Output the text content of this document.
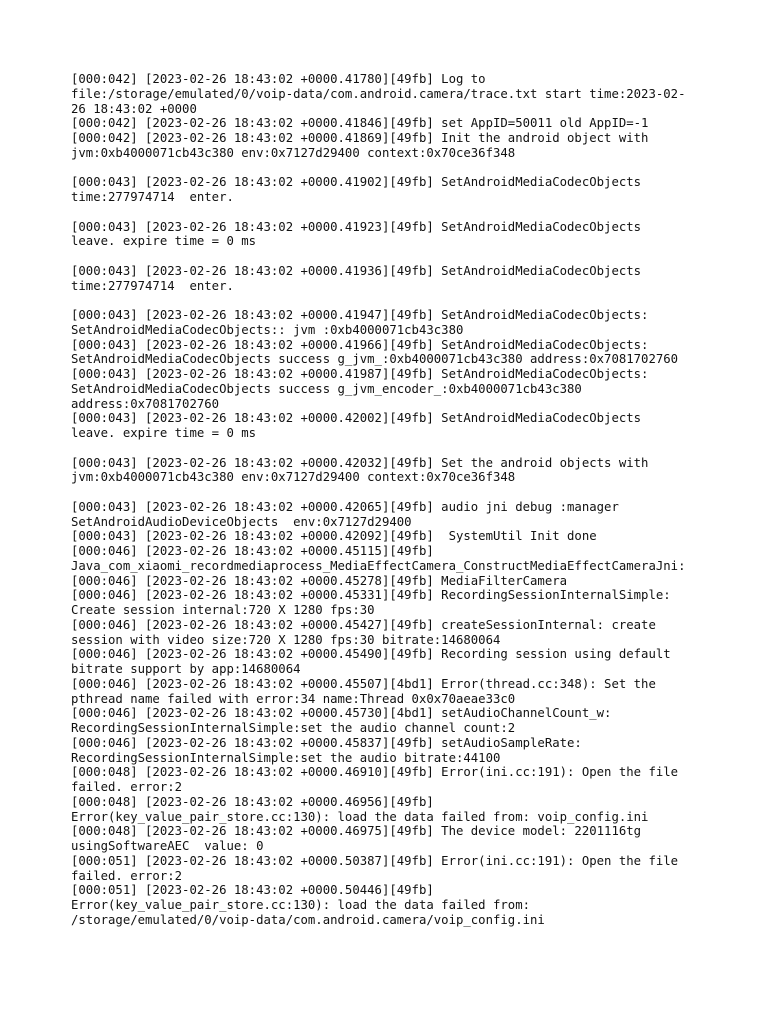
[000:042] [2023-02-26 18:43:02 +0000.41780][49fb] Log to
file:/storage/emulated/0/voip-data/com.android.camera/trace.txt start time:2023-02-
26 18:43:02 +0000
[000:042] [2023-02-26 18:43:02 +0000.41846][49fb] set AppID=50011 old AppID=-1
[000:042] [2023-02-26 18:43:02 +0000.41869][49fb] Init the android object with
jvm:0xb4000071cb43c380 env:0x7127d29400 context:0x70ce36f348
[000:043] [2023-02-26 18:43:02 +0000.41902][49fb] SetAndroidMediaCodecObjects
time:277974714  enter.
[000:043] [2023-02-26 18:43:02 +0000.41923][49fb] SetAndroidMediaCodecObjects
leave. expire time = 0 ms
[000:043] [2023-02-26 18:43:02 +0000.41936][49fb] SetAndroidMediaCodecObjects
time:277974714  enter.
[000:043] [2023-02-26 18:43:02 +0000.41947][49fb] SetAndroidMediaCodecObjects:
SetAndroidMediaCodecObjects:: jvm :0xb4000071cb43c380
[000:043] [2023-02-26 18:43:02 +0000.41966][49fb] SetAndroidMediaCodecObjects:
SetAndroidMediaCodecObjects success g_jvm_:0xb4000071cb43c380 address:0x7081702760
[000:043] [2023-02-26 18:43:02 +0000.41987][49fb] SetAndroidMediaCodecObjects:
SetAndroidMediaCodecObjects success g_jvm_encoder_:0xb4000071cb43c380
address:0x7081702760
[000:043] [2023-02-26 18:43:02 +0000.42002][49fb] SetAndroidMediaCodecObjects
leave. expire time = 0 ms
[000:043] [2023-02-26 18:43:02 +0000.42032][49fb] Set the android objects with
jvm:0xb4000071cb43c380 env:0x7127d29400 context:0x70ce36f348
[000:043] [2023-02-26 18:43:02 +0000.42065][49fb] audio jni debug :manager
SetAndroidAudioDeviceObjects  env:0x7127d29400
[000:043] [2023-02-26 18:43:02 +0000.42092][49fb]  SystemUtil Init done
[000:046] [2023-02-26 18:43:02 +0000.45115][49fb]
Java_com_xiaomi_recordmediaprocess_MediaEffectCamera_ConstructMediaEffectCameraJni:
[000:046] [2023-02-26 18:43:02 +0000.45278][49fb] MediaFilterCamera
[000:046] [2023-02-26 18:43:02 +0000.45331][49fb] RecordingSessionInternalSimple:
Create session internal:720 X 1280 fps:30
[000:046] [2023-02-26 18:43:02 +0000.45427][49fb] createSessionInternal: create
session with video size:720 X 1280 fps:30 bitrate:14680064
[000:046] [2023-02-26 18:43:02 +0000.45490][49fb] Recording session using default
bitrate support by app:14680064
[000:046] [2023-02-26 18:43:02 +0000.45507][4bd1] Error(thread.cc:348): Set the
pthread name failed with error:34 name:Thread 0x0x70aeae33c0
[000:046] [2023-02-26 18:43:02 +0000.45730][4bd1] setAudioChannelCount_w:
RecordingSessionInternalSimple:set the audio channel count:2
[000:046] [2023-02-26 18:43:02 +0000.45837][49fb] setAudioSampleRate:
RecordingSessionInternalSimple:set the audio bitrate:44100
[000:048] [2023-02-26 18:43:02 +0000.46910][49fb] Error(ini.cc:191): Open the file
failed. error:2
[000:048] [2023-02-26 18:43:02 +0000.46956][49fb]
Error(key_value_pair_store.cc:130): load the data failed from: voip_config.ini
[000:048] [2023-02-26 18:43:02 +0000.46975][49fb] The device model: 2201116tg
usingSoftwareAEC  value: 0
[000:051] [2023-02-26 18:43:02 +0000.50387][49fb] Error(ini.cc:191): Open the file
failed. error:2
[000:051] [2023-02-26 18:43:02 +0000.50446][49fb]
Error(key_value_pair_store.cc:130): load the data failed from:
/storage/emulated/0/voip-data/com.android.camera/voip_config.ini
